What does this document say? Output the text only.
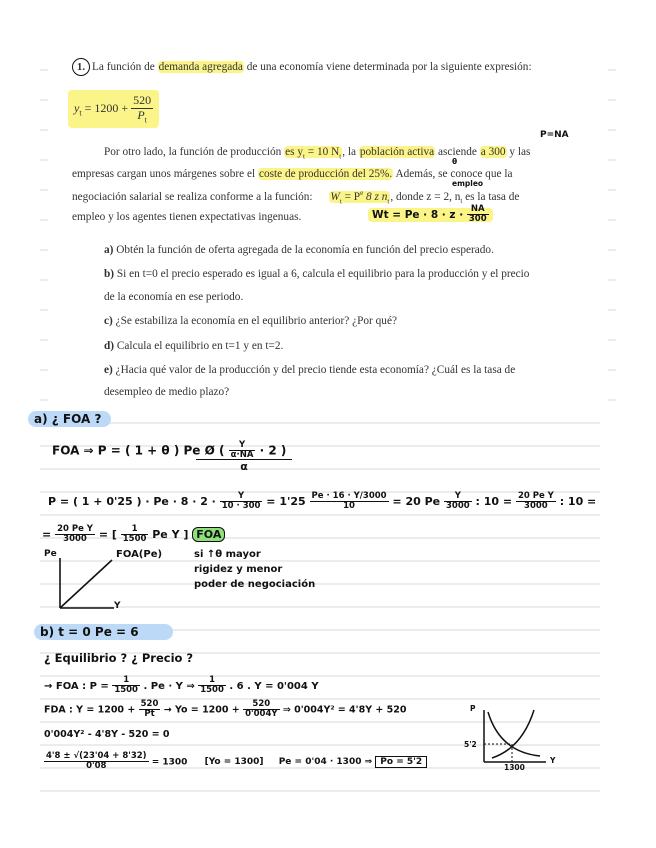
1. La función de demanda agregada de una economía viene determinada por la siguiente expresión:
$y_t = 1200 + \frac{520}{P_t}$
Por otro lado, la función de producción es $y_t = 10$ $N_t$, la población activa asciende a 300 y las
empresas cargan unos márgenes sobre el coste de producción del 25%. Además, se conoce que la
negociación salarial se realiza conforme a la función: $W_t = P^e$ 8 z $n_t$, donde z = 2, $n_t$ es la tasa de
empleo y los agentes tienen expectativas ingenuas.
a) Obtén la función de oferta agregada de la economía en función del precio esperado.
b) Si en t=0 el precio esperado es igual a 6, calcula el equilibrio para la producción y el precio
de la economía en ese periodo.
c) ¿Se estabiliza la economía en el equilibrio anterior? ¿Por qué?
d) Calcula el equilibrio en t=1 y en t=2.
e) ¿Hacia qué valor de la producción y del precio tiende esta economía? ¿Cuál es la tasa de
desempleo de medio plazo?
P=NA
θ
empleo
$Wt = Pe \cdot 8 \cdot z \cdot \frac{NA}{300}$
a) ¿ FOA ?
FOA ⇒ P = ( 1 + θ ) Pe Ø ( $\frac{Y}{\alpha\cdot NA} \cdot 2$ )
α
P = ( 1 + 0'25 ) · $Pe \cdot 8 \cdot 2 \cdot \frac{Y}{10 \cdot 300} = 1'25 \frac{Pe \cdot 16 \cdot Y/3000}{10} = 20$ Pe $\frac{Y}{3000}$ : $10 = \frac{\text{20 Pe Y}}{3000}$ : 10 =
= $\frac{\text{20 Pe Y}}{3000}$ = [ $\frac{1}{1500}$ Pe Y ] FOA
Pe	FOA(Pe)
Y
si ↑θ mayor
rigidez y menor
poder de negociación
b) t = 0 Pe = 6
¿ Equilibrio ? ¿ Precio ?
→ FOA : $P = \frac{1}{1500}$ . Pe · Y ⇒ $\frac{1}{1500}$ . 6 . Y = 0'004 Y
FDA : $Y = 1200 + \frac{520}{Pt} \to Yo = 1200 + \frac{520}{0'004Y}$ ⇒ 0'004Y² = 4'8Y + 520
0'004Y² - 4'8Y - 520 = 0
$\frac{4'8 \pm √(23'04 + 8'32)}{0'08} = 1300$ [Yo = 1300] Pe = 0'04 · 1300 ⇒ Po = 5'2
P
5'2
1300
Y
